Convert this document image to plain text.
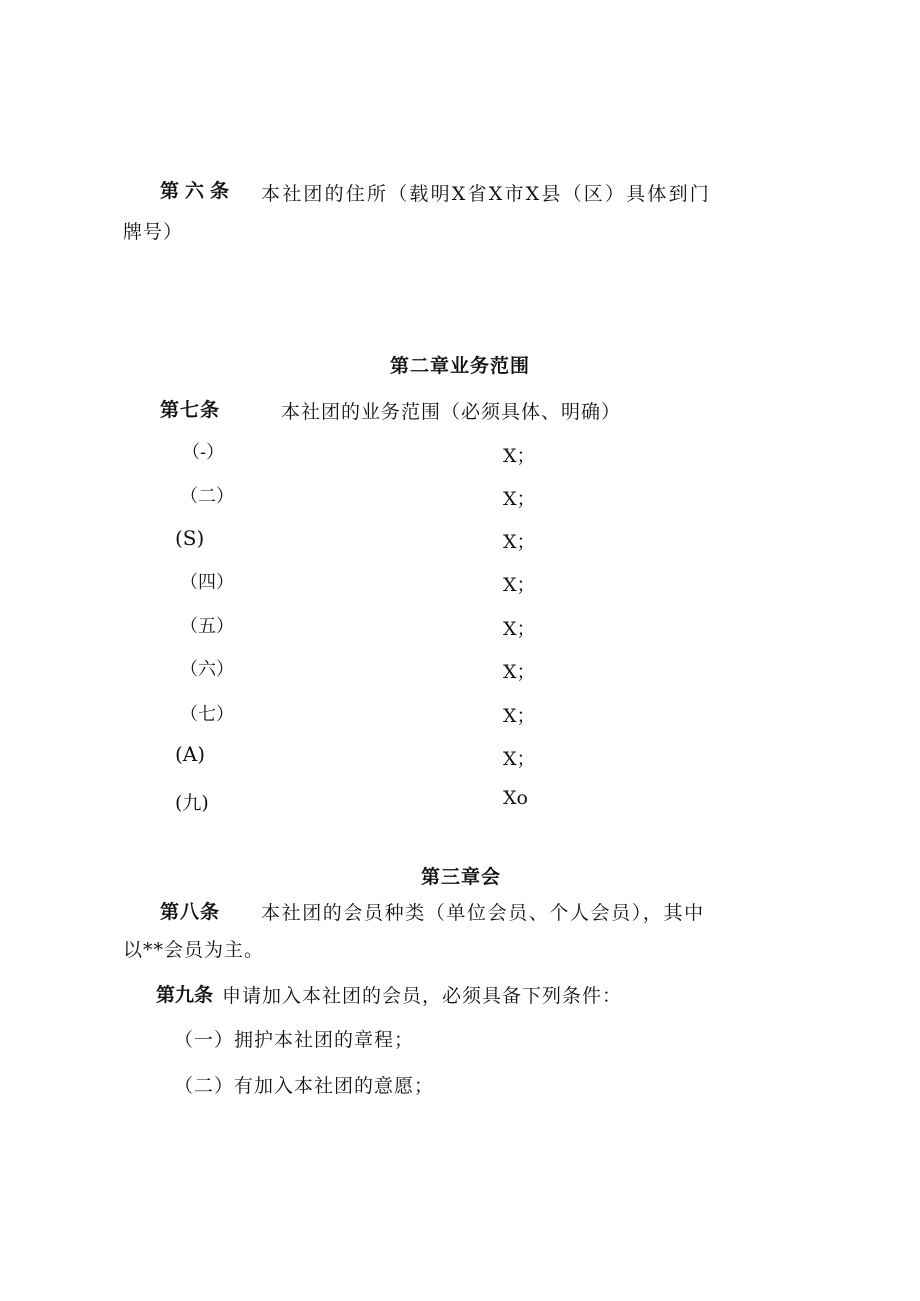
第六条 本社团的住所（载明X省X市X县（区）具体到门
牌号）
第二章业务范围
第七条	本社团的业务范围（必须具体、明确）
（-）	X；
（二）	X；
(S)	X；
（四）	X；
（五）	X；
（六）	X；
（七）	X；
(A)	X；
(九)	Xo
第三章会
第八条 本社团的会员种类（单位会员、个人会员），其中
以**会员为主。
第九条 申请加入本社团的会员，必须具备下列条件：
（一）拥护本社团的章程；
（二）有加入本社团的意愿；
